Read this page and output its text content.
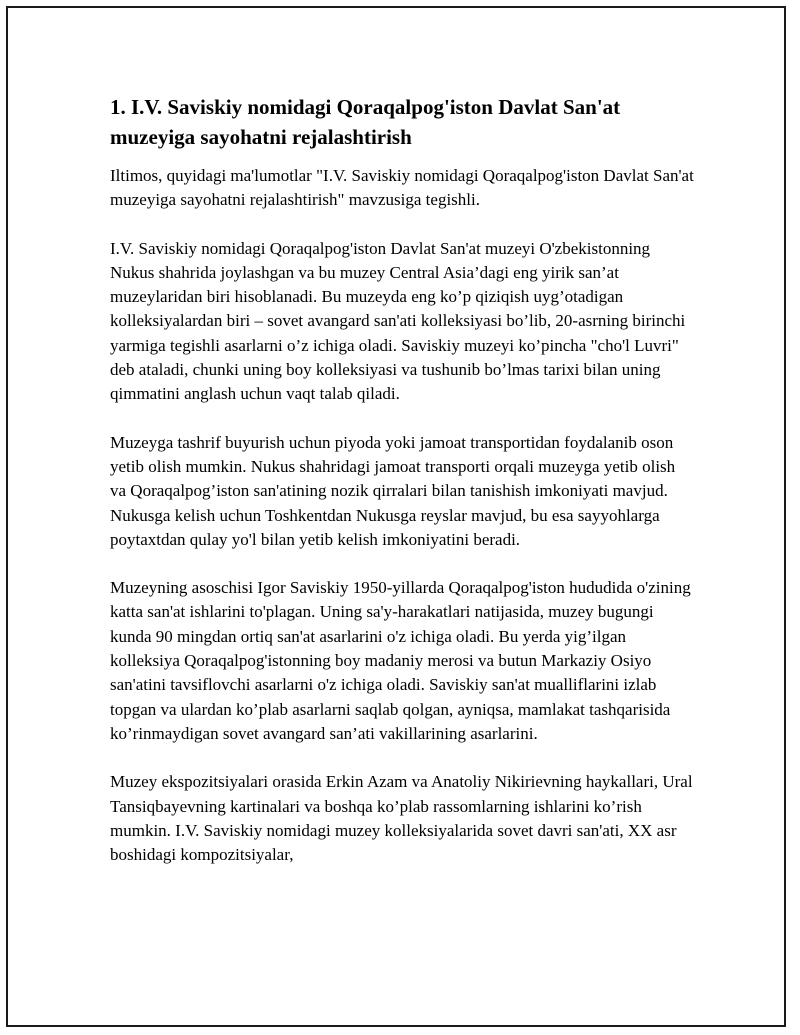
1. I.V. Saviskiy nomidagi Qoraqalpog'iston Davlat San'at muzeyiga sayohatni rejalashtirish

Iltimos, quyidagi ma'lumotlar "I.V. Saviskiy nomidagi Qoraqalpog'iston Davlat San'at muzeyiga sayohatni rejalashtirish" mavzusiga tegishli.

I.V. Saviskiy nomidagi Qoraqalpog'iston Davlat San'at muzeyi O'zbekistonning Nukus shahrida joylashgan va bu muzey Central Asia’dagi eng yirik san’at muzeylaridan biri hisoblanadi. Bu muzeyda eng ko’p qiziqish uyg’otadigan kolleksiyalardan biri – sovet avangard san'ati kolleksiyasi bo’lib, 20-asrning birinchi yarmiga tegishli asarlarni o’z ichiga oladi. Saviskiy muzeyi ko’pincha "cho'l Luvri" deb ataladi, chunki uning boy kolleksiyasi va tushunib bo’lmas tarixi bilan uning qimmatini anglash uchun vaqt talab qiladi.

Muzeyga tashrif buyurish uchun piyoda yoki jamoat transportidan foydalanib oson yetib olish mumkin. Nukus shahridagi jamoat transporti orqali muzeyga yetib olish va Qoraqalpog’iston san'atining nozik qirralari bilan tanishish imkoniyati mavjud. Nukusga kelish uchun Toshkentdan Nukusga reyslar mavjud, bu esa sayyohlarga poytaxtdan qulay yo'l bilan yetib kelish imkoniyatini beradi.

Muzeyning asoschisi Igor Saviskiy 1950-yillarda Qoraqalpog'iston hududida o'zining katta san'at ishlarini to'plagan. Uning sa'y-harakatlari natijasida, muzey bugungi kunda 90 mingdan ortiq san'at asarlarini o'z ichiga oladi. Bu yerda yig’ilgan kolleksiya Qoraqalpog'istonning boy madaniy merosi va butun Markaziy Osiyo san'atini tavsiflovchi asarlarni o'z ichiga oladi. Saviskiy san'at mualliflarini izlab topgan va ulardan ko’plab asarlarni saqlab qolgan, ayniqsa, mamlakat tashqarisida ko’rinmaydigan sovet avangard san’ati vakillarining asarlarini.

Muzey ekspozitsiyalari orasida Erkin Azam va Anatoliy Nikirievning haykallari, Ural Tansiqbayevning kartinalari va boshqa ko’plab rassomlarning ishlarini ko’rish mumkin. I.V. Saviskiy nomidagi muzey kolleksiyalarida sovet davri san'ati, XX asr boshidagi kompozitsiyalar,
